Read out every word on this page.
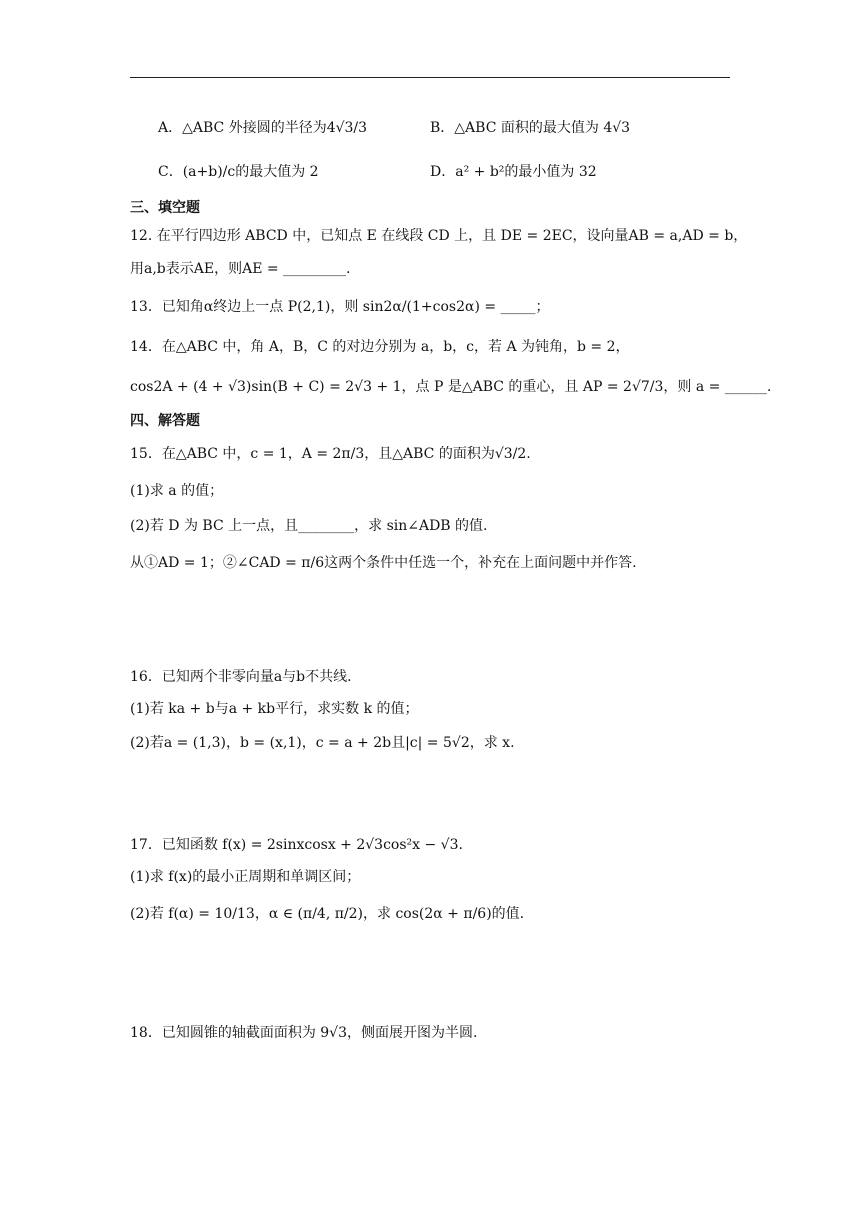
A．△ABC 外接圆的半径为4√3/3	B．△ABC 面积的最大值为 4√3
C．(a+b)/c的最大值为 2	D．a² + b²的最小值为 32
三、填空题
12. 在平行四边形 ABCD 中，已知点 E 在线段 CD 上，且 DE = 2EC，设向量AB = a,AD = b，
用a,b表示AE，则AE = _________.
13．已知角α终边上一点 P(2,1)，则 sin2α/(1+cos2α) = _____；
14．在△ABC 中，角 A，B，C 的对边分别为 a，b，c，若 A 为钝角，b = 2，
cos2A + (4 + √3)sin(B + C) = 2√3 + 1，点 P 是△ABC 的重心，且 AP = 2√7/3，则 a = ______.
四、解答题
15．在△ABC 中，c = 1，A = 2π/3，且△ABC 的面积为√3/2.
(1)求 a 的值；
(2)若 D 为 BC 上一点，且________，求 sin∠ADB 的值.
从①AD = 1；②∠CAD = π/6这两个条件中任选一个，补充在上面问题中并作答.
16．已知两个非零向量a与b不共线.
(1)若 ka + b与a + kb平行，求实数 k 的值；
(2)若a = (1,3)，b = (x,1)，c = a + 2b且|c| = 5√2，求 x.
17．已知函数 f(x) = 2sinxcosx + 2√3cos²x − √3.
(1)求 f(x)的最小正周期和单调区间；
(2)若 f(α) = 10/13，α ∈ (π/4, π/2)，求 cos(2α + π/6)的值.
18．已知圆锥的轴截面面积为 9√3，侧面展开图为半圆.
